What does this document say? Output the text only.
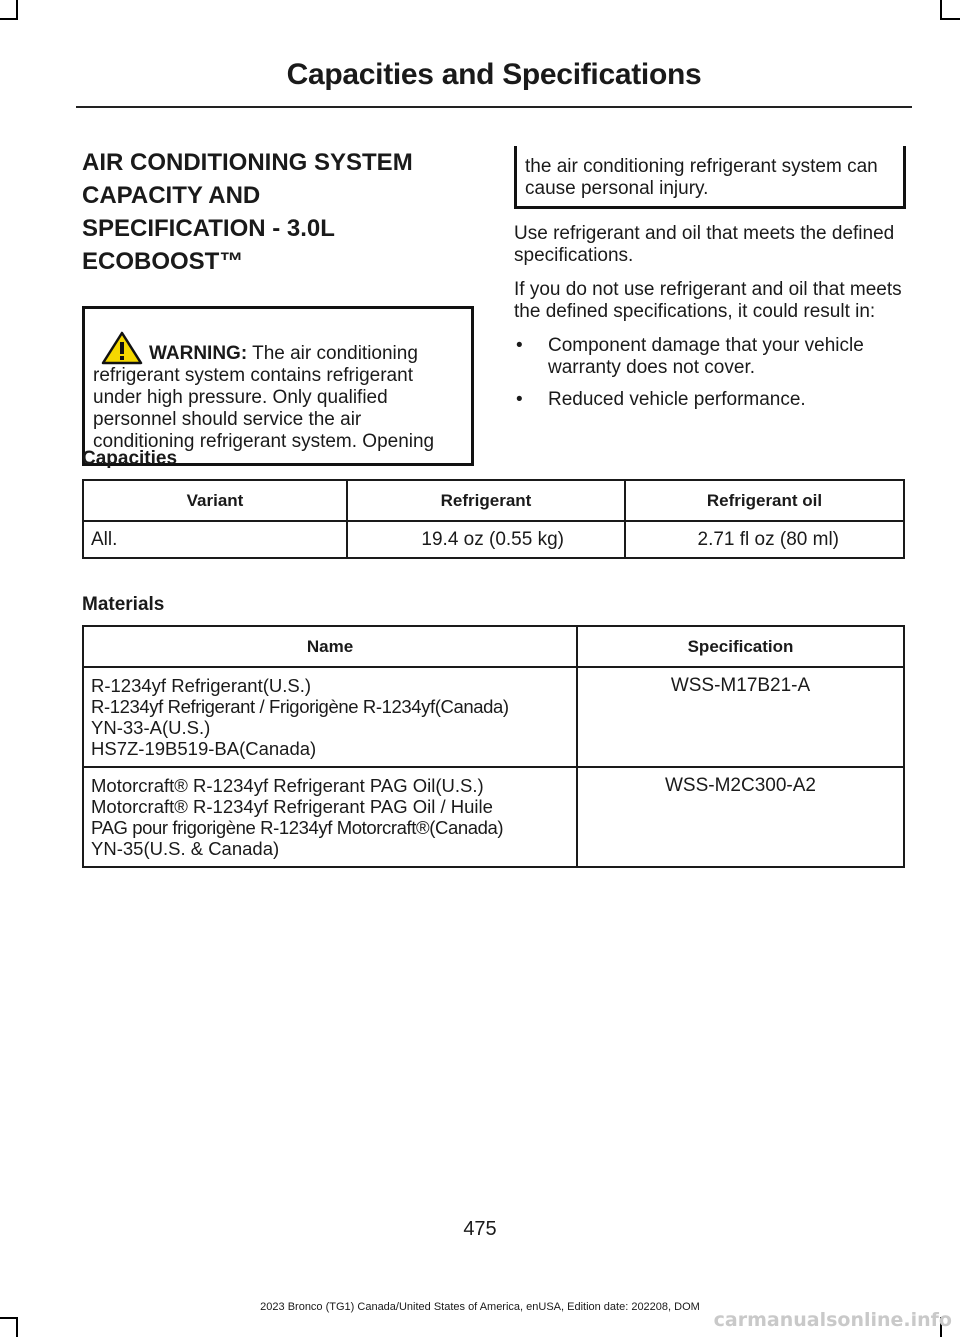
Capacities and Specifications
AIR CONDITIONING SYSTEM
CAPACITY AND
SPECIFICATION - 3.0L
ECOBOOST™
WARNING: The air conditioning refrigerant system contains refrigerant under high pressure. Only qualified personnel should service the air conditioning refrigerant system. Opening
the air conditioning refrigerant system can cause personal injury.

Use refrigerant and oil that meets the defined specifications.

If you do not use refrigerant and oil that meets the defined specifications, it could result in:

• Component damage that your vehicle warranty does not cover.
• Reduced vehicle performance.
Capacities
Variant	Refrigerant	Refrigerant oil
All.	19.4 oz (0.55 kg)	2.71 fl oz (80 ml)
Materials
Name	Specification

R-1234yf Refrigerant(U.S.)
R-1234yf Refrigerant / Frigorigène R-1234yf(Canada)
YN-33-A(U.S.)
HS7Z-19B519-BA(Canada)	WSS-M17B21-A

Motorcraft® R-1234yf Refrigerant PAG Oil(U.S.)
Motorcraft® R-1234yf Refrigerant PAG Oil / Huile
PAG pour frigorigène R-1234yf Motorcraft®(Canada)
YN-35(U.S. & Canada)	WSS-M2C300-A2
475
2023 Bronco (TG1) Canada/United States of America, enUSA, Edition date: 202208, DOM
carmanualsonline.info
